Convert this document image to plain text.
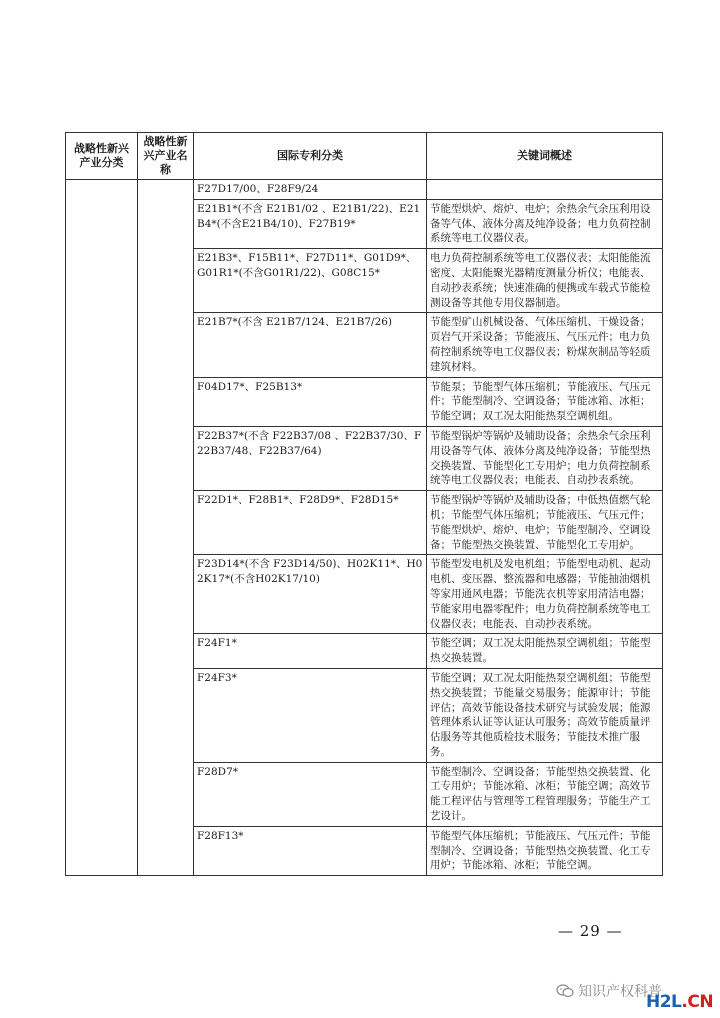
战略性新兴产业分类	战略性新兴产业名称	国际专利分类	关键词概述
		F27D17/00、F28F9/24	
		E21B1*(不含 E21B1/02 、E21B1/22)、E21B4*(不含E21B4/10)、F27B19*	节能型烘炉、熔炉、电炉；余热余气余压利用设备等气体、液体分离及纯净设备；电力负荷控制系统等电工仪器仪表。
		E21B3*、F15B11*、F27D11*、G01D9*、G01R1*(不含G01R1/22)、G08C15*	电力负荷控制系统等电工仪器仪表；太阳能能流密度、太阳能聚光器精度测量分析仪；电能表、自动抄表系统；快速准确的便携或车载式节能检测设备等其他专用仪器制造。
		E21B7*(不含 E21B7/124、E21B7/26)	节能型矿山机械设备、气体压缩机、干燥设备；页岩气开采设备；节能液压、气压元件；电力负荷控制系统等电工仪器仪表；粉煤灰制品等轻质建筑材料。
		F04D17*、F25B13*	节能泵；节能型气体压缩机；节能液压、气压元件；节能型制冷、空调设备；节能冰箱、冰柜；节能空调；双工况太阳能热泵空调机组。
		F22B37*(不含 F22B37/08 、F22B37/30、F22B37/48、F22B37/64)	节能型锅炉等锅炉及辅助设备；余热余气余压利用设备等气体、液体分离及纯净设备；节能型热交换装置、节能型化工专用炉；电力负荷控制系统等电工仪器仪表；电能表、自动抄表系统。
		F22D1*、F28B1*、F28D9*、F28D15*	节能型锅炉等锅炉及辅助设备；中低热值燃气轮机；节能型气体压缩机；节能液压、气压元件；节能型烘炉、熔炉、电炉；节能型制冷、空调设备；节能型热交换装置、节能型化工专用炉。
		F23D14*(不含 F23D14/50)、H02K11*、H02K17*(不含H02K17/10)	节能型发电机及发电机组；节能型电动机、起动电机、变压器、整流器和电感器；节能抽油烟机等家用通风电器；节能洗衣机等家用清洁电器；节能家用电器零配件；电力负荷控制系统等电工仪器仪表；电能表、自动抄表系统。
		F24F1*	节能空调；双工况太阳能热泵空调机组；节能型热交换装置。
		F24F3*	节能空调；双工况太阳能热泵空调机组；节能型热交换装置；节能量交易服务；能源审计；节能评估；高效节能设备技术研究与试验发展；能源管理体系认证等认证认可服务；高效节能质量评估服务等其他质检技术服务；节能技术推广服务。
		F28D7*	节能型制冷、空调设备；节能型热交换装置、化工专用炉；节能冰箱、冰柜；节能空调；高效节能工程评估与管理等工程管理服务；节能生产工艺设计。
		F28F13*	节能型气体压缩机；节能液压、气压元件；节能型制冷、空调设备；节能型热交换装置、化工专用炉；节能冰箱、冰柜；节能空调。
— 29 —
知识产权科普
H2L.CN
